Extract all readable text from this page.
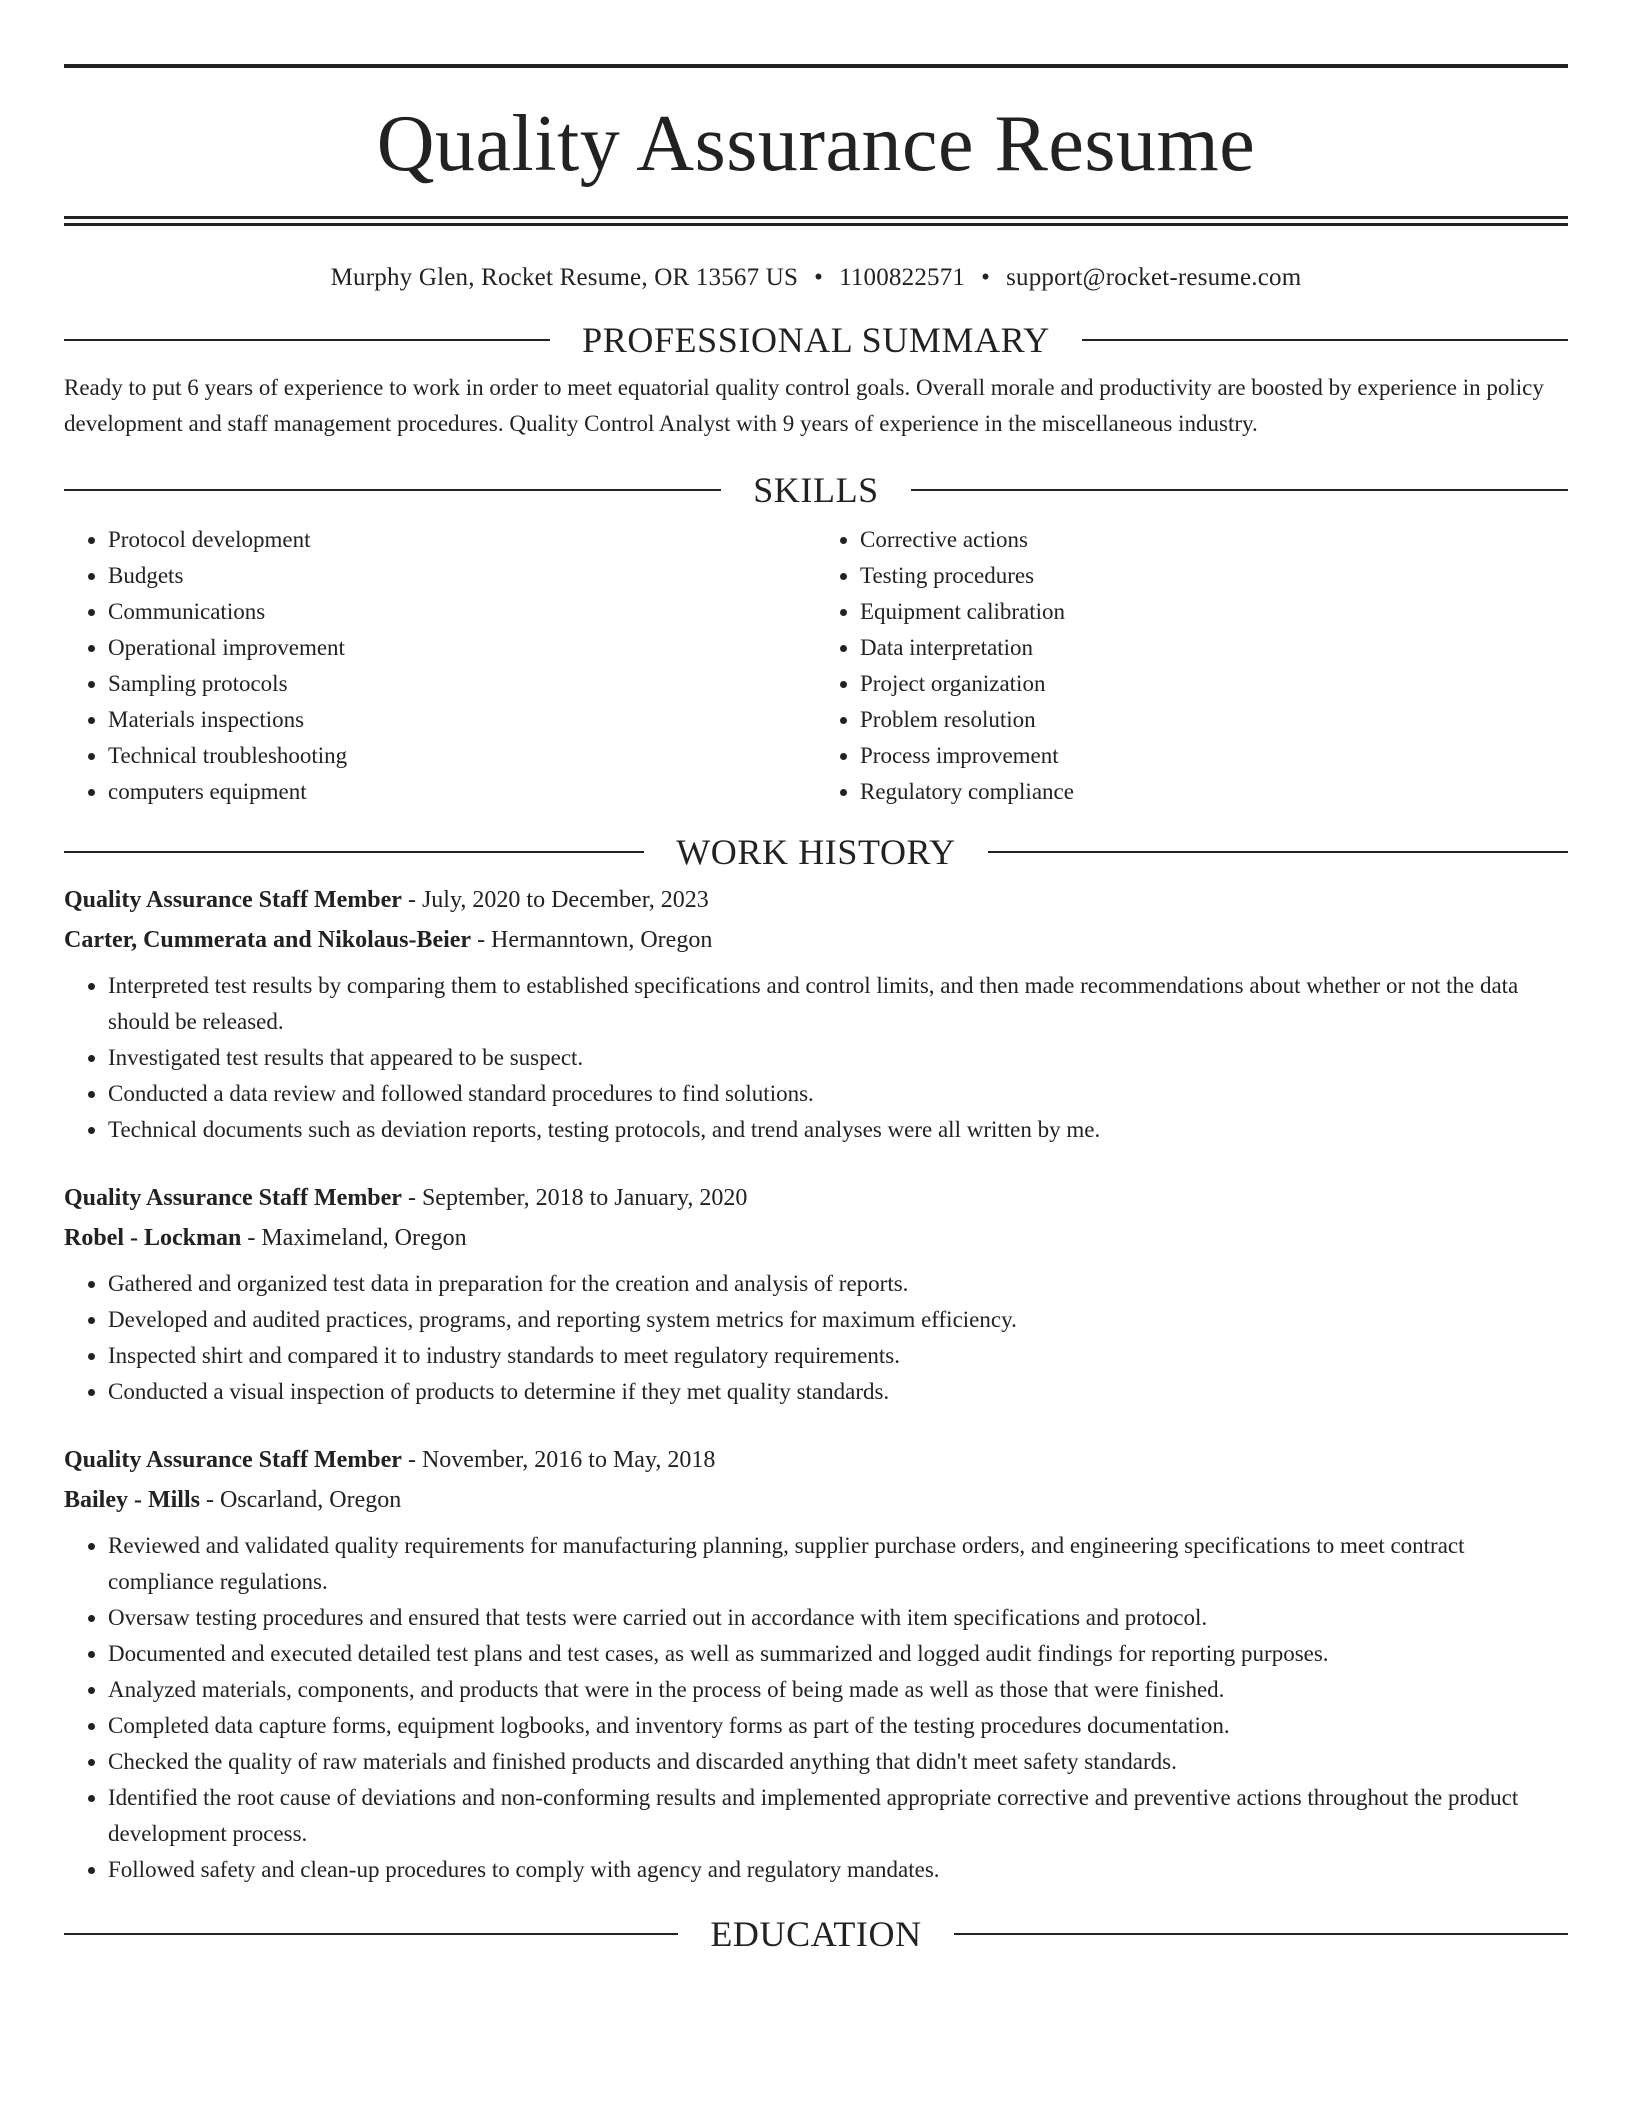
Quality Assurance Resume
Murphy Glen, Rocket Resume, OR 13567 US • 1100822571 • support@rocket-resume.com
PROFESSIONAL SUMMARY

Ready to put 6 years of experience to work in order to meet equatorial quality control goals. Overall morale and productivity are boosted by experience in policy development and staff management procedures. Quality Control Analyst with 9 years of experience in the miscellaneous industry.

SKILLS
• Protocol development
• Budgets
• Communications
• Operational improvement
• Sampling protocols
• Materials inspections
• Technical troubleshooting
• computers equipment
• Corrective actions
• Testing procedures
• Equipment calibration
• Data interpretation
• Project organization
• Problem resolution
• Process improvement
• Regulatory compliance
WORK HISTORY
Quality Assurance Staff Member - July, 2020 to December, 2023
Carter, Cummerata and Nikolaus-Beier - Hermanntown, Oregon
• Interpreted test results by comparing them to established specifications and control limits, and then made recommendations about whether or not the data should be released.
• Investigated test results that appeared to be suspect.
• Conducted a data review and followed standard procedures to find solutions.
• Technical documents such as deviation reports, testing protocols, and trend analyses were all written by me.
Quality Assurance Staff Member - September, 2018 to January, 2020
Robel - Lockman - Maximeland, Oregon
• Gathered and organized test data in preparation for the creation and analysis of reports.
• Developed and audited practices, programs, and reporting system metrics for maximum efficiency.
• Inspected shirt and compared it to industry standards to meet regulatory requirements.
• Conducted a visual inspection of products to determine if they met quality standards.
Quality Assurance Staff Member - November, 2016 to May, 2018
Bailey - Mills - Oscarland, Oregon
• Reviewed and validated quality requirements for manufacturing planning, supplier purchase orders, and engineering specifications to meet contract compliance regulations.
• Oversaw testing procedures and ensured that tests were carried out in accordance with item specifications and protocol.
• Documented and executed detailed test plans and test cases, as well as summarized and logged audit findings for reporting purposes.
• Analyzed materials, components, and products that were in the process of being made as well as those that were finished.
• Completed data capture forms, equipment logbooks, and inventory forms as part of the testing procedures documentation.
• Checked the quality of raw materials and finished products and discarded anything that didn't meet safety standards.
• Identified the root cause of deviations and non-conforming results and implemented appropriate corrective and preventive actions throughout the product development process.
• Followed safety and clean-up procedures to comply with agency and regulatory mandates.
EDUCATION
